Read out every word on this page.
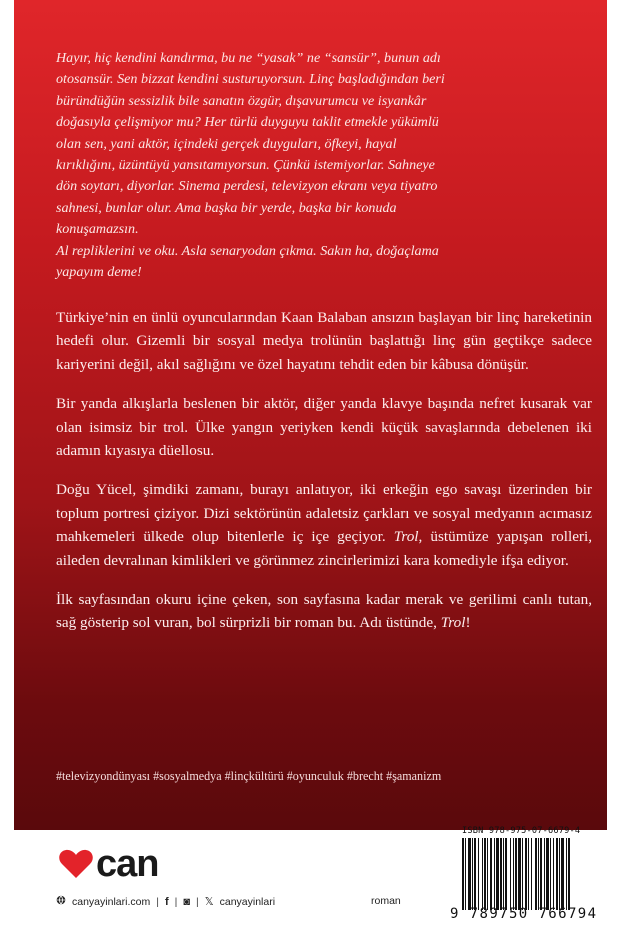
Hayır, hiç kendini kandırma, bu ne “yasak” ne “sansür”, bunun adı

otosansür. Sen bizzat kendini susturuyorsun. Linç başladığından beri

büründüğün sessizlik bile sanatın özgür, dışavurumcu ve isyankâr

doğasıyla çelişmiyor mu? Her türlü duyguyu taklit etmekle yükümlü

olan sen, yani aktör, içindeki gerçek duyguları, öfkeyi, hayal

kırıklığını, üzüntüyü yansıtamıyorsun. Çünkü istemiyorlar. Sahneye

dön soytarı, diyorlar. Sinema perdesi, televizyon ekranı veya tiyatro

sahnesi, bunlar olur. Ama başka bir yerde, başka bir konuda

konuşamazsın.

Al repliklerini ve oku. Asla senaryodan çıkma. Sakın ha, doğaçlama

yapayım deme!

Türkiye’nin en ünlü oyuncularından Kaan Balaban ansızın başlayan bir linç hareketinin hedefi olur. Gizemli bir sosyal medya trolünün başlattığı linç gün geçtikçe sadece kariyerini değil, akıl sağlığını ve özel hayatını tehdit eden bir kâbusa dönüşür.

Bir yanda alkışlarla beslenen bir aktör, diğer yanda klavye başında nefret kusarak var olan isimsiz bir trol. Ülke yangın yeriyken kendi küçük savaşlarında debelenen iki adamın kıyasıya düellosu.

Doğu Yücel, şimdiki zamanı, burayı anlatıyor, iki erkeğin ego savaşı üzerinden bir toplum portresi çiziyor. Dizi sektörünün adaletsiz çarkları ve sosyal medyanın acımasız mahkemeleri ülkede olup bitenlerle iç içe geçiyor. Trol, üstümüze yapışan rolleri, aileden devralınan kimlikleri ve görünmez zincirlerimizi kara komediyle ifşa ediyor.

İlk sayfasından okuru içine çeken, son sayfasına kadar merak ve gerilimi canlı tutan, sağ gösterip sol vuran, bol sürprizli bir roman bu. Adı üstünde, Trol!

#televizyondünyası #sosyalmedya #linçkültürü #oyunculuk #brecht #şamanizm
can
canyayinlari.com | f | ◙ | 𝕏 canyayinlari	roman
ISBN 978-975-07-6679-4
9 789750 766794
